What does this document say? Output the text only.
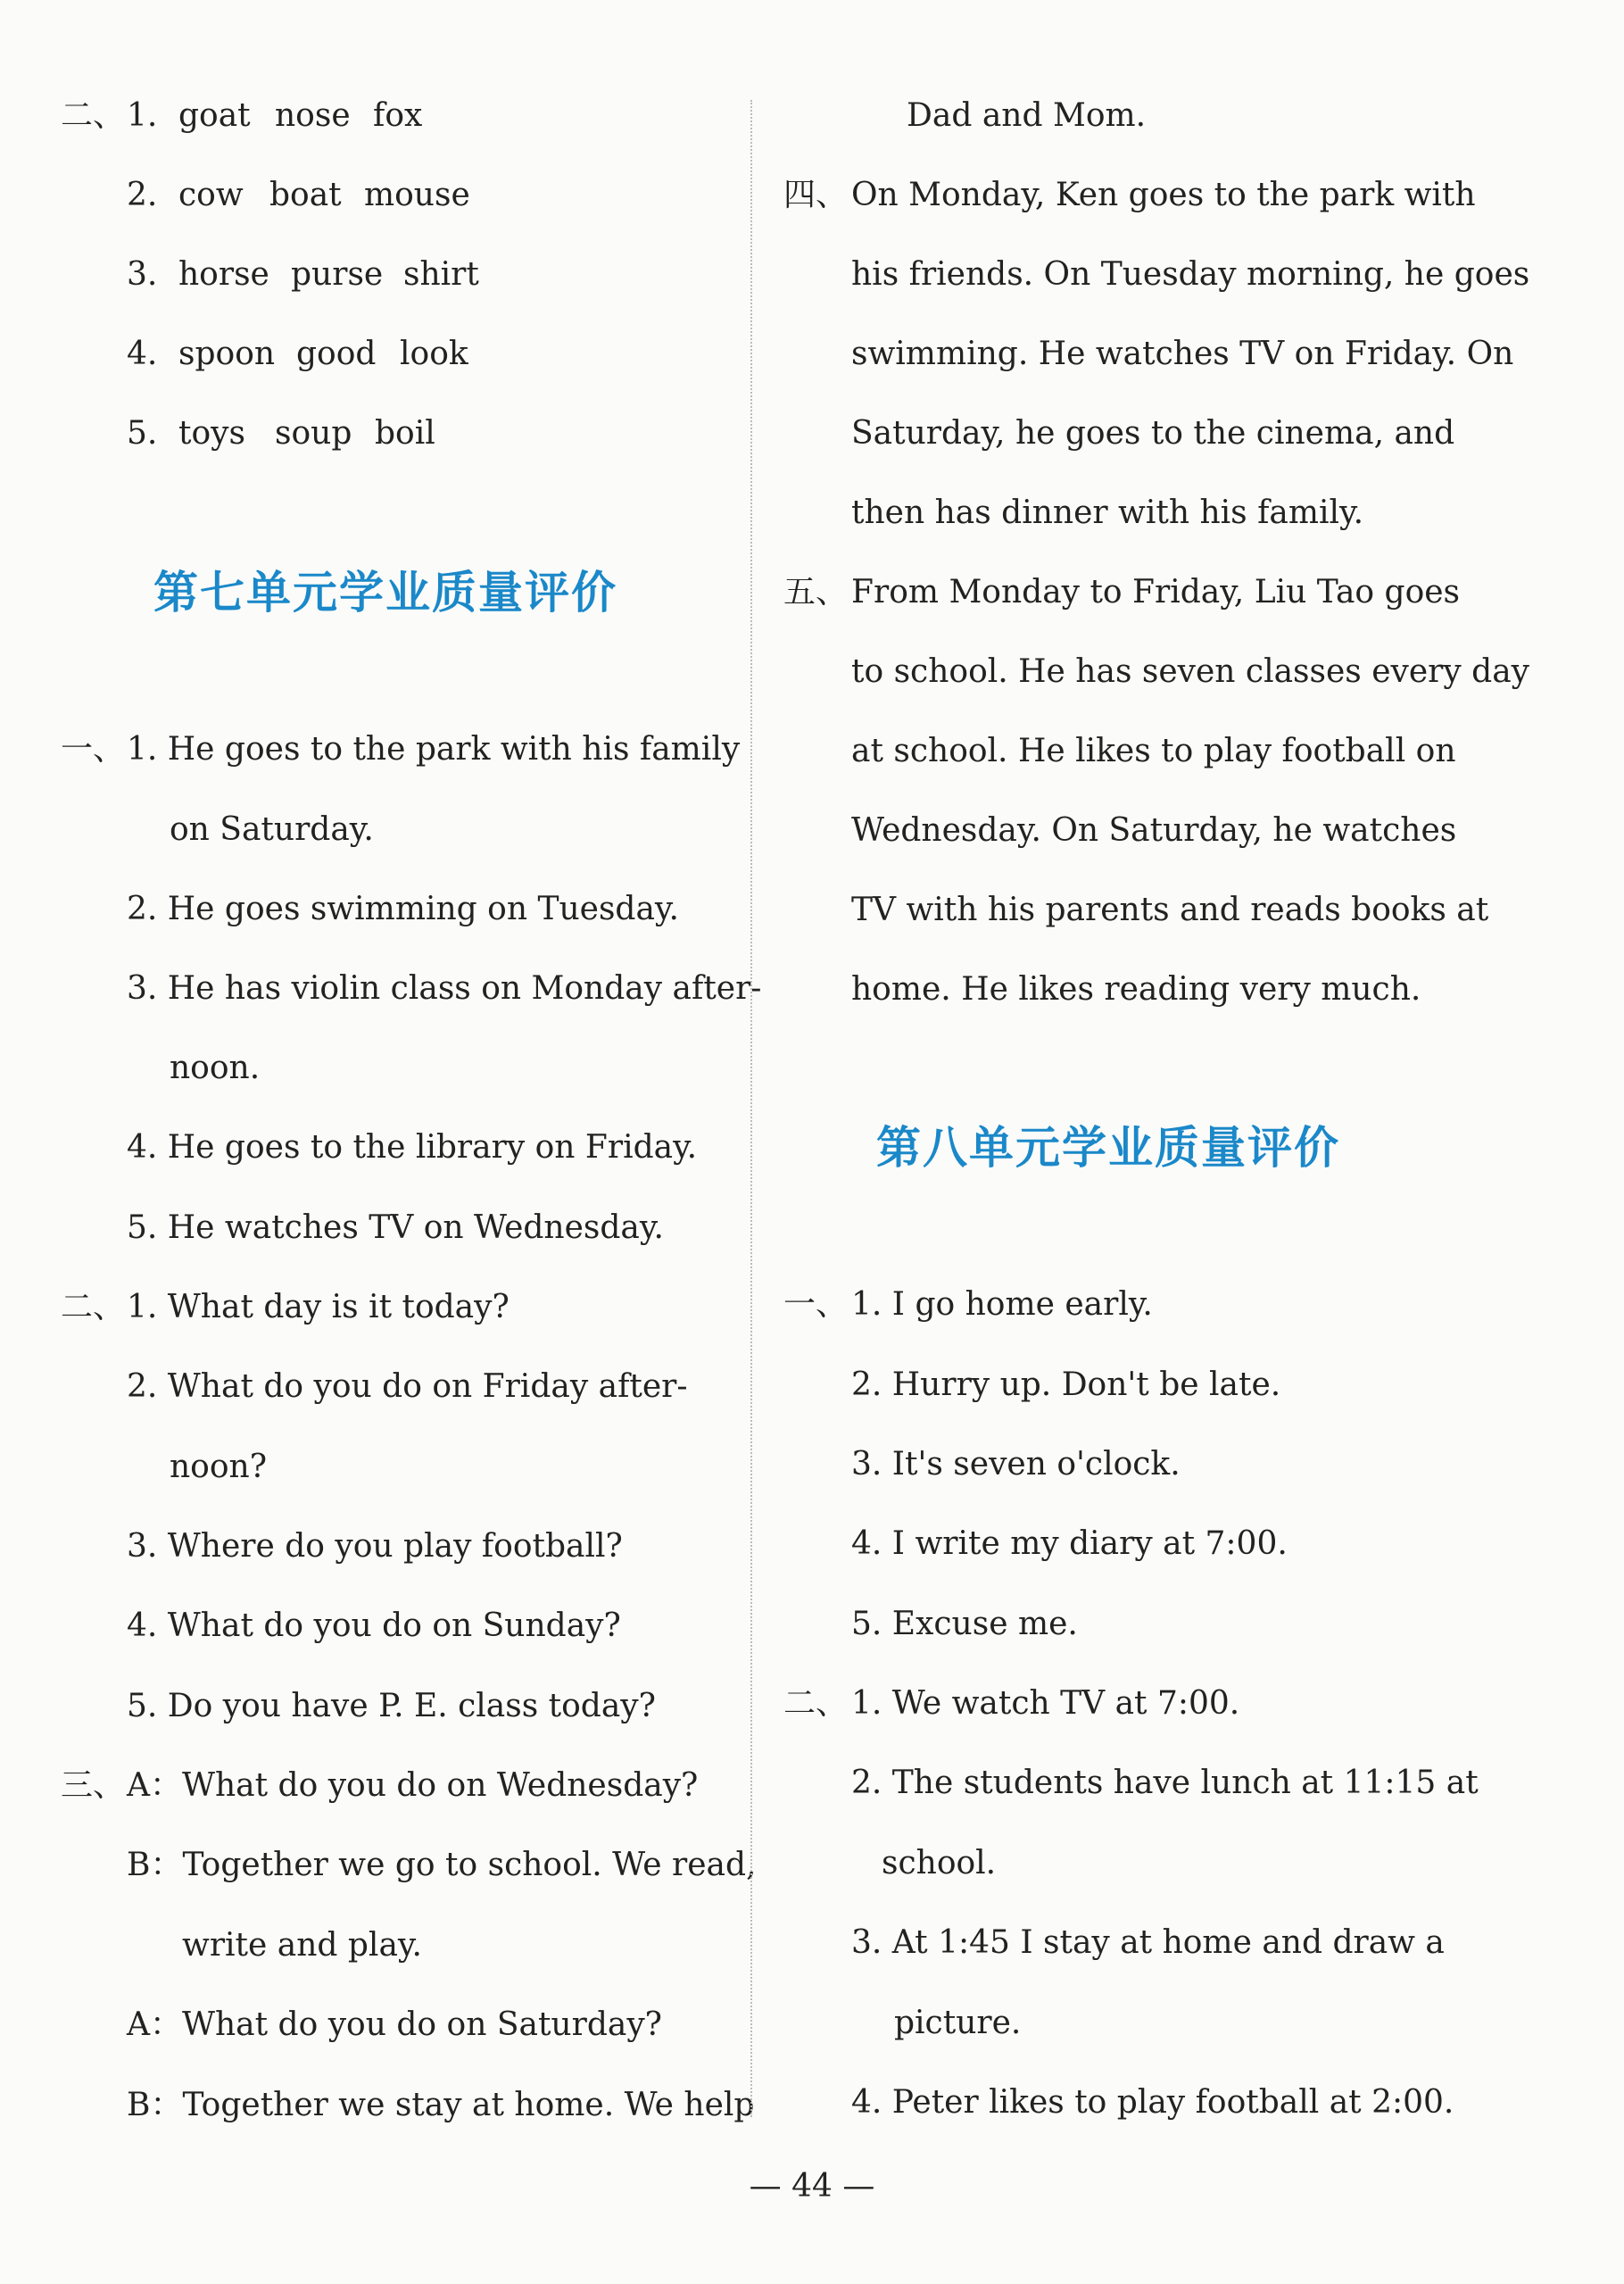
二、 1. goat nose fox
2. cow boat mouse
3. horse purse shirt
4. spoon good look
5. toys soup boil
第七单元学业质量评价
一、 1. He goes to the park with his family
on Saturday.
2. He goes swimming on Tuesday.
3. He has violin class on Monday after-
noon.
4. He goes to the library on Friday.
5. He watches TV on Wednesday.
二、 1. What day is it today?
2. What do you do on Friday after-
noon?
3. Where do you play football?
4. What do you do on Sunday?
5. Do you have P. E. class today?
三、 A：What do you do on Wednesday?
B：Together we go to school. We read,
write and play.
A：What do you do on Saturday?
B：Together we stay at home. We help
Dad and Mom.
四、 On Monday, Ken goes to the park with
his friends. On Tuesday morning, he goes
swimming. He watches TV on Friday. On
Saturday, he goes to the cinema, and
then has dinner with his family.
五、 From Monday to Friday, Liu Tao goes
to school. He has seven classes every day
at school. He likes to play football on
Wednesday. On Saturday, he watches
TV with his parents and reads books at
home. He likes reading very much.
第八单元学业质量评价
一、 1. I go home early.
2. Hurry up. Don't be late.
3. It's seven o'clock.
4. I write my diary at 7:00.
5. Excuse me.
二、 1. We watch TV at 7:00.
2. The students have lunch at 11:15 at
school.
3. At 1:45 I stay at home and draw a
picture.
4. Peter likes to play football at 2:00.
— 44 —
